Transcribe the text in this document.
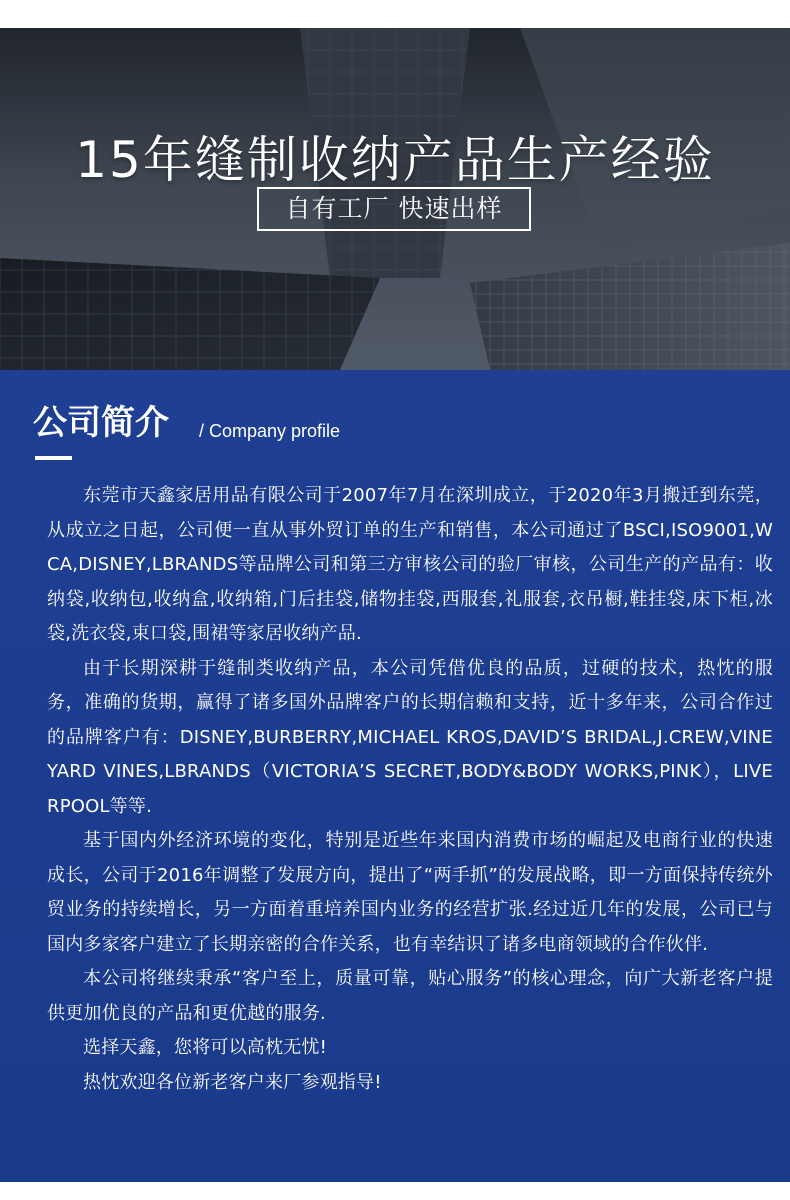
15年缝制收纳产品生产经验
自有工厂 快速出样
公司简介 / Company profile

东莞市天鑫家居用品有限公司于2007年7月在深圳成立，于2020年3月搬迁到东莞，从成立之日起，公司便一直从事外贸订单的生产和销售，本公司通过了BSCI,ISO9001,WCA,DISNEY,LBRANDS等品牌公司和第三方审核公司的验厂审核，公司生产的产品有：收纳袋,收纳包,收纳盒,收纳箱,门后挂袋,储物挂袋,西服套,礼服套,衣吊橱,鞋挂袋,床下柜,冰袋,洗衣袋,束口袋,围裙等家居收纳产品.

由于长期深耕于缝制类收纳产品，本公司凭借优良的品质，过硬的技术，热忱的服务，准确的货期，赢得了诸多国外品牌客户的长期信赖和支持，近十多年来，公司合作过的品牌客户有：DISNEY,BURBERRY,MICHAEL KROS,DAVID’S BRIDAL,J.CREW,VINEYARD VINES,LBRANDS（VICTORIA’S SECRET,BODY&BODY WORKS,PINK），LIVERPOOL等等.

基于国内外经济环境的变化，特别是近些年来国内消费市场的崛起及电商行业的快速成长，公司于2016年调整了发展方向，提出了“两手抓”的发展战略，即一方面保持传统外贸业务的持续增长，另一方面着重培养国内业务的经营扩张.经过近几年的发展，公司已与国内多家客户建立了长期亲密的合作关系，也有幸结识了诸多电商领域的合作伙伴.

本公司将继续秉承“客户至上，质量可靠，贴心服务”的核心理念，向广大新老客户提供更加优良的产品和更优越的服务.

选择天鑫，您将可以高枕无忧!

热忱欢迎各位新老客户来厂参观指导!
